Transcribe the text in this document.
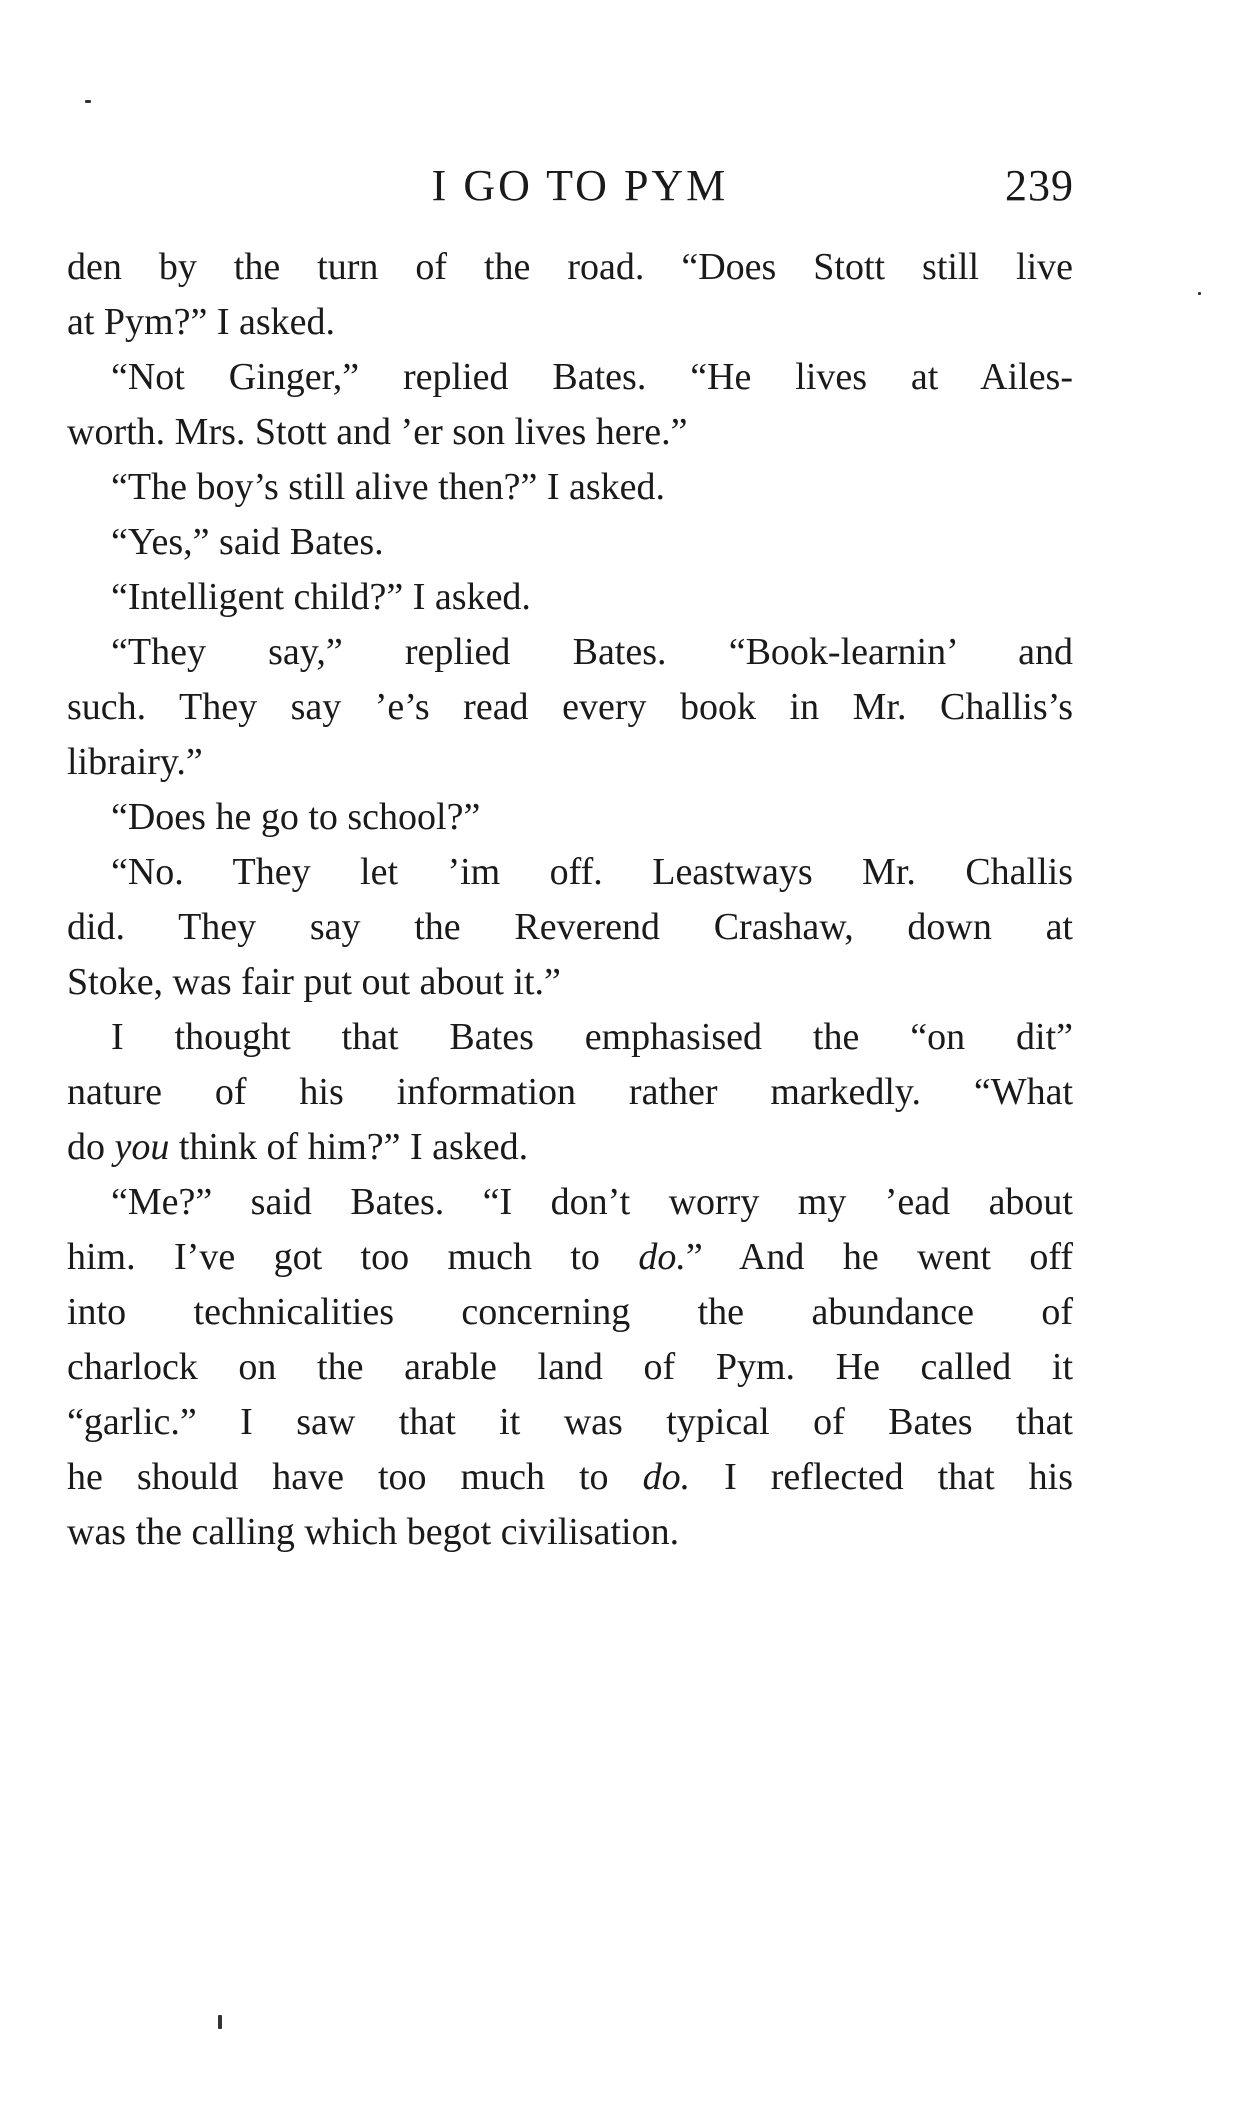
I GO TO PYM	239
den by the turn of the road. “Does Stott still live
at Pym?” I asked.
“Not Ginger,” replied Bates. “He lives at Ailes-
worth. Mrs. Stott and ’er son lives here.”
“The boy’s still alive then?” I asked.
“Yes,” said Bates.
“Intelligent child?” I asked.
“They say,” replied Bates. “Book-learnin’ and
such. They say ’e’s read every book in Mr. Challis’s
librairy.”
“Does he go to school?”
“No. They let ’im off. Leastways Mr. Challis
did. They say the Reverend Crashaw, down at
Stoke, was fair put out about it.”
I thought that Bates emphasised the “on dit”
nature of his information rather markedly. “What
do you think of him?” I asked.
“Me?” said Bates. “I don’t worry my ’ead about
him. I’ve got too much to do.” And he went off
into technicalities concerning the abundance of
charlock on the arable land of Pym. He called it
“garlic.” I saw that it was typical of Bates that
he should have too much to do. I reflected that his
was the calling which begot civilisation.
